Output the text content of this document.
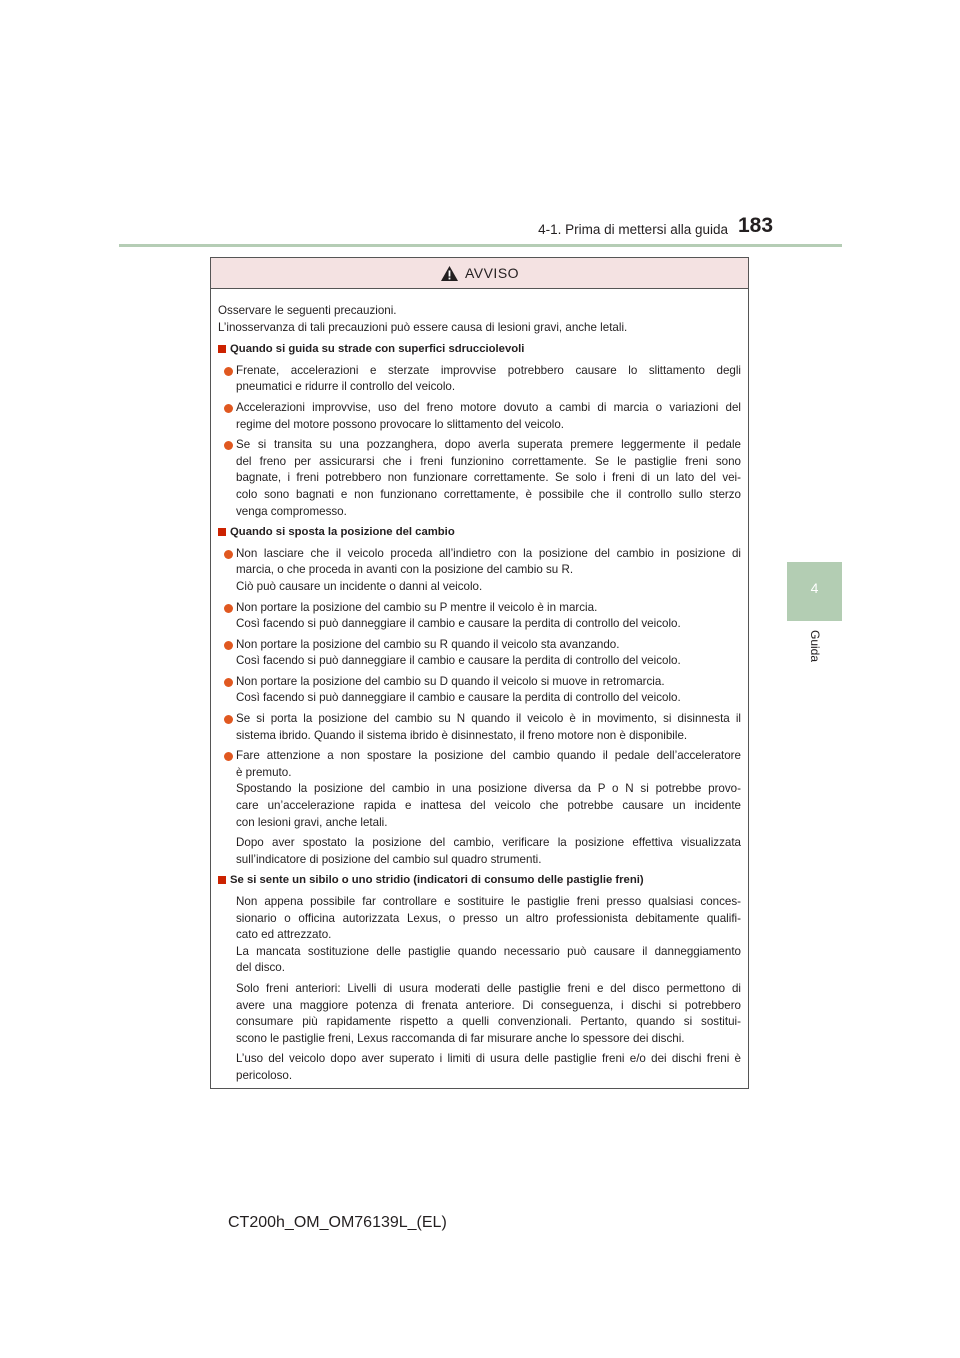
4-1. Prima di mettersi alla guida 183
4
Guida
AVVISO
Osservare le seguenti precauzioni.
L’inosservanza di tali precauzioni può essere causa di lesioni gravi, anche letali.
Quando si guida su strade con superfici sdrucciolevoli
Frenate, accelerazioni e sterzate improvvise potrebbero causare lo slittamento degli
pneumatici e ridurre il controllo del veicolo.
Accelerazioni improvvise, uso del freno motore dovuto a cambi di marcia o variazioni del
regime del motore possono provocare lo slittamento del veicolo.
Se si transita su una pozzanghera, dopo averla superata premere leggermente il pedale
del freno per assicurarsi che i freni funzionino correttamente. Se le pastiglie freni sono
bagnate, i freni potrebbero non funzionare correttamente. Se solo i freni di un lato del vei-
colo sono bagnati e non funzionano correttamente, è possibile che il controllo sullo sterzo
venga compromesso.
Quando si sposta la posizione del cambio
Non lasciare che il veicolo proceda all’indietro con la posizione del cambio in posizione di
marcia, o che proceda in avanti con la posizione del cambio su R.
Ciò può causare un incidente o danni al veicolo.
Non portare la posizione del cambio su P mentre il veicolo è in marcia.
Così facendo si può danneggiare il cambio e causare la perdita di controllo del veicolo.
Non portare la posizione del cambio su R quando il veicolo sta avanzando.
Così facendo si può danneggiare il cambio e causare la perdita di controllo del veicolo.
Non portare la posizione del cambio su D quando il veicolo si muove in retromarcia.
Così facendo si può danneggiare il cambio e causare la perdita di controllo del veicolo.
Se si porta la posizione del cambio su N quando il veicolo è in movimento, si disinnesta il
sistema ibrido. Quando il sistema ibrido è disinnestato, il freno motore non è disponibile.
Fare attenzione a non spostare la posizione del cambio quando il pedale dell’acceleratore
è premuto.
Spostando la posizione del cambio in una posizione diversa da P o N si potrebbe provo-
care un’accelerazione rapida e inattesa del veicolo che potrebbe causare un incidente
con lesioni gravi, anche letali.
Dopo aver spostato la posizione del cambio, verificare la posizione effettiva visualizzata
sull’indicatore di posizione del cambio sul quadro strumenti.
Se si sente un sibilo o uno stridio (indicatori di consumo delle pastiglie freni)
Non appena possibile far controllare e sostituire le pastiglie freni presso qualsiasi conces-
sionario o officina autorizzata Lexus, o presso un altro professionista debitamente qualifi-
cato ed attrezzato.
La mancata sostituzione delle pastiglie quando necessario può causare il danneggiamento
del disco.
Solo freni anteriori: Livelli di usura moderati delle pastiglie freni e del disco permettono di
avere una maggiore potenza di frenata anteriore. Di conseguenza, i dischi si potrebbero
consumare più rapidamente rispetto a quelli convenzionali. Pertanto, quando si sostitui-
scono le pastiglie freni, Lexus raccomanda di far misurare anche lo spessore dei dischi.
L’uso del veicolo dopo aver superato i limiti di usura delle pastiglie freni e/o dei dischi freni è
pericoloso.
CT200h_OM_OM76139L_(EL)
